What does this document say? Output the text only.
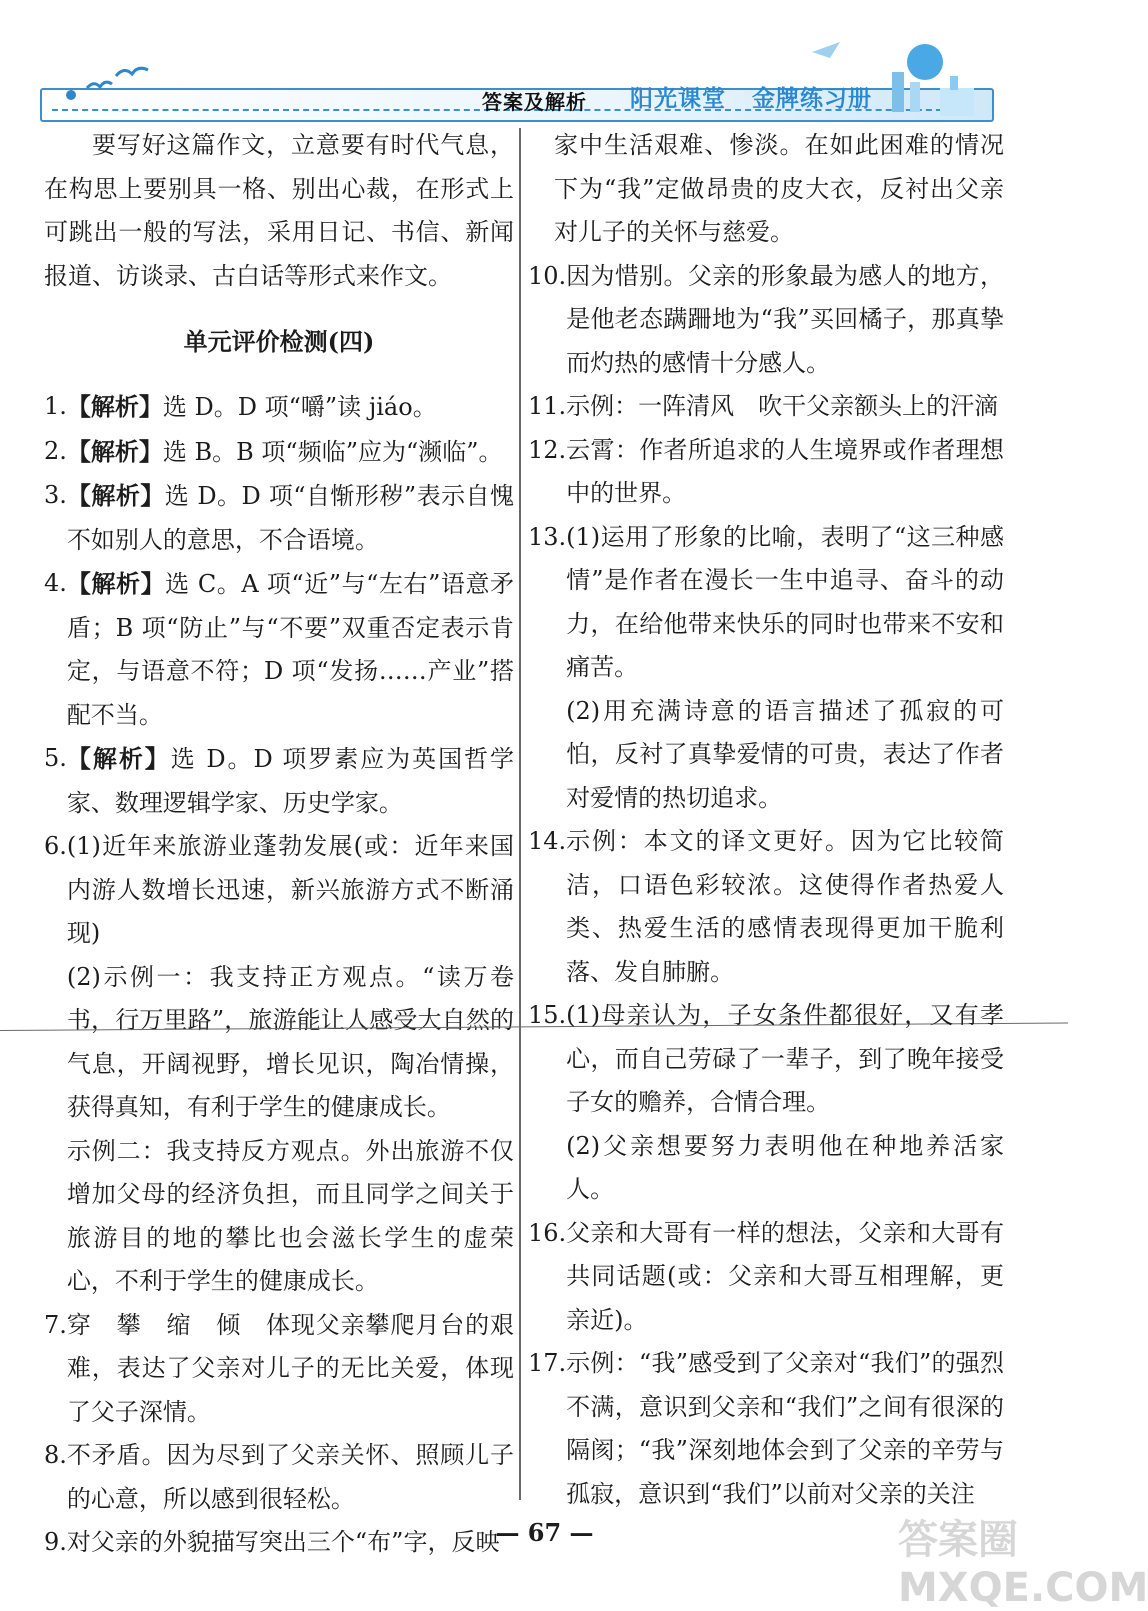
答案及解析 阳光课堂 金牌练习册

要写好这篇作文，立意要有时代气息，在构思上要别具一格、别出心裁，在形式上可跳出一般的写法，采用日记、书信、新闻报道、访谈录、古白话等形式来作文。

单元评价检测(四)
1. 【解析】选 D。D 项“嚼”读 jiáo。
2. 【解析】选 B。B 项“频临”应为“濒临”。
3. 【解析】选 D。D 项“自惭形秽”表示自愧不如别人的意思，不合语境。
4. 【解析】选 C。A 项“近”与“左右”语意矛盾；B 项“防止”与“不要”双重否定表示肯定，与语意不符；D 项“发扬……产业”搭配不当。
5. 【解析】选 D。D 项罗素应为英国哲学家、数理逻辑学家、历史学家。
6. (1)近年来旅游业蓬勃发展(或：近年来国内游人数增长迅速，新兴旅游方式不断涌现)

(2)示例一：我支持正方观点。“读万卷书，行万里路”，旅游能让人感受大自然的气息，开阔视野，增长见识，陶冶情操，获得真知，有利于学生的健康成长。

示例二：我支持反方观点。外出旅游不仅增加父母的经济负担，而且同学之间关于旅游目的地的攀比也会滋长学生的虚荣心，不利于学生的健康成长。

7. 穿　攀　缩　倾　体现父亲攀爬月台的艰难，表达了父亲对儿子的无比关爱，体现了父子深情。
8. 不矛盾。因为尽到了父亲关怀、照顾儿子的心意，所以感到很轻松。
9. 对父亲的外貌描写突出三个“布”字，反映

家中生活艰难、惨淡。在如此困难的情况下为“我”定做昂贵的皮大衣，反衬出父亲对儿子的关怀与慈爱。

10. 因为惜别。父亲的形象最为感人的地方，是他老态蹒跚地为“我”买回橘子，那真挚而灼热的感情十分感人。
11. 示例：一阵清风　吹干父亲额头上的汗滴
12. 云霄：作者所追求的人生境界或作者理想中的世界。
13. (1)运用了形象的比喻，表明了“这三种感情”是作者在漫长一生中追寻、奋斗的动力，在给他带来快乐的同时也带来不安和痛苦。

(2)用充满诗意的语言描述了孤寂的可怕，反衬了真挚爱情的可贵，表达了作者对爱情的热切追求。

14. 示例：本文的译文更好。因为它比较简洁，口语色彩较浓。这使得作者热爱人类、热爱生活的感情表现得更加干脆利落、发自肺腑。
15. (1)母亲认为，子女条件都很好，又有孝心，而自己劳碌了一辈子，到了晚年接受子女的赡养，合情合理。

(2)父亲想要努力表明他在种地养活家人。

16. 父亲和大哥有一样的想法，父亲和大哥有共同话题(或：父亲和大哥互相理解，更亲近)。
17. 示例：“我”感受到了父亲对“我们”的强烈不满，意识到父亲和“我们”之间有很深的隔阂；“我”深刻地体会到了父亲的辛劳与孤寂，意识到“我们”以前对父亲的关注
— 67 —	答案圈 MXQE.COM
